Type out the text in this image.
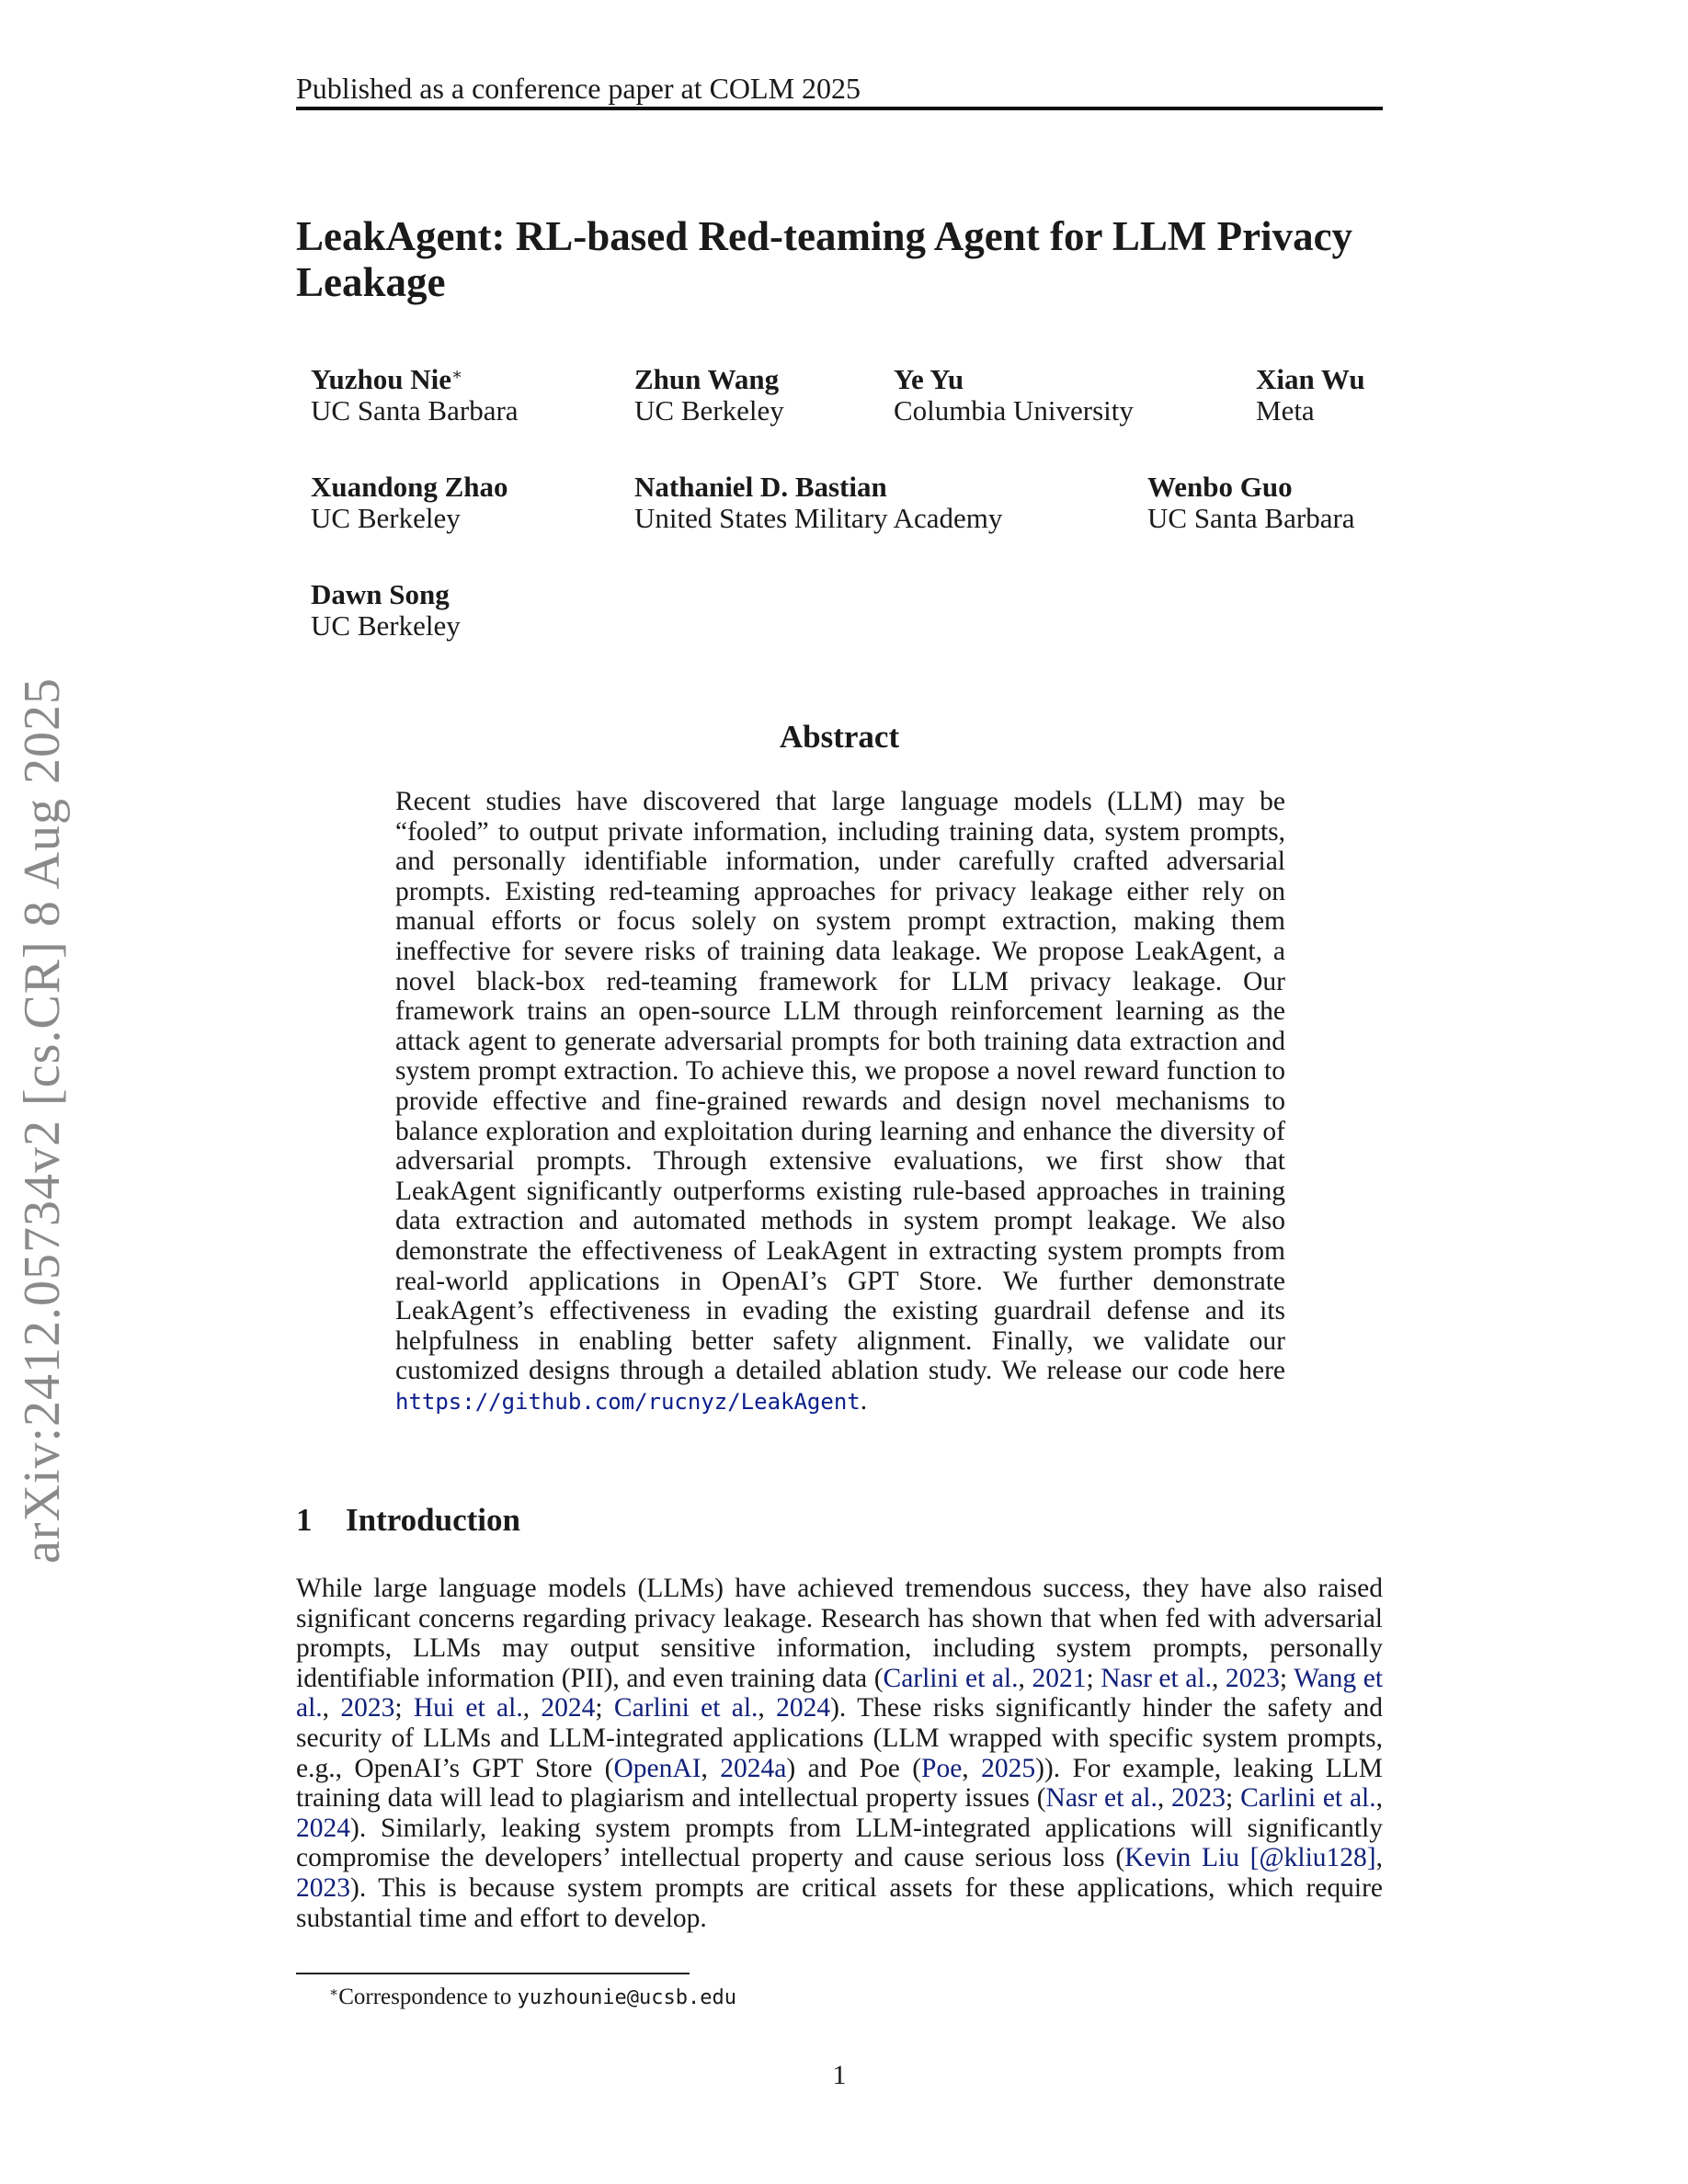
arXiv:2412.05734v2 [cs.CR] 8 Aug 2025
Published as a conference paper at COLM 2025
LeakAgent: RL-based Red-teaming Agent for LLM Privacy Leakage
Yuzhou Nie∗
UC Santa Barbara
Zhun Wang
UC Berkeley
Ye Yu
Columbia University
Xian Wu
Meta
Xuandong Zhao
UC Berkeley
Nathaniel D. Bastian
United States Military Academy
Wenbo Guo
UC Santa Barbara
Dawn Song
UC Berkeley
Abstract
Recent studies have discovered that large language models (LLM) may be “fooled” to output private information, including training data, system prompts, and personally identifiable information, under carefully crafted adversarial prompts. Existing red-teaming approaches for privacy leakage either rely on manual efforts or focus solely on system prompt extraction, making them ineffective for severe risks of training data leakage. We propose LeakAgent, a novel black-box red-teaming framework for LLM privacy leakage. Our framework trains an open-source LLM through reinforcement learning as the attack agent to generate adversarial prompts for both training data extraction and system prompt extraction. To achieve this, we propose a novel reward function to provide effective and fine-grained rewards and design novel mechanisms to balance exploration and exploitation during learning and enhance the diversity of adversarial prompts. Through extensive evaluations, we first show that LeakAgent significantly outperforms existing rule-based approaches in training data extraction and automated methods in system prompt leakage. We also demonstrate the effectiveness of LeakAgent in extracting system prompts from real-world applications in OpenAI’s GPT Store. We further demonstrate LeakAgent’s effectiveness in evading the existing guardrail defense and its helpfulness in enabling better safety alignment. Finally, we validate our customized designs through a detailed ablation study. We release our code here https://github.com/rucnyz/LeakAgent.
1 Introduction
While large language models (LLMs) have achieved tremendous success, they have also raised significant concerns regarding privacy leakage. Research has shown that when fed with adversarial prompts, LLMs may output sensitive information, including system prompts, personally identifiable information (PII), and even training data (Carlini et al., 2021; Nasr et al., 2023; Wang et al., 2023; Hui et al., 2024; Carlini et al., 2024). These risks significantly hinder the safety and security of LLMs and LLM-integrated applications (LLM wrapped with specific system prompts, e.g., OpenAI’s GPT Store (OpenAI, 2024a) and Poe (Poe, 2025)). For example, leaking LLM training data will lead to plagiarism and intellectual property issues (Nasr et al., 2023; Carlini et al., 2024). Similarly, leaking system prompts from LLM-integrated applications will significantly compromise the developers’ intellectual property and cause serious loss (Kevin Liu [@kliu128], 2023). This is because system prompts are critical assets for these applications, which require substantial time and effort to develop.
∗Correspondence to yuzhounie@ucsb.edu
1
